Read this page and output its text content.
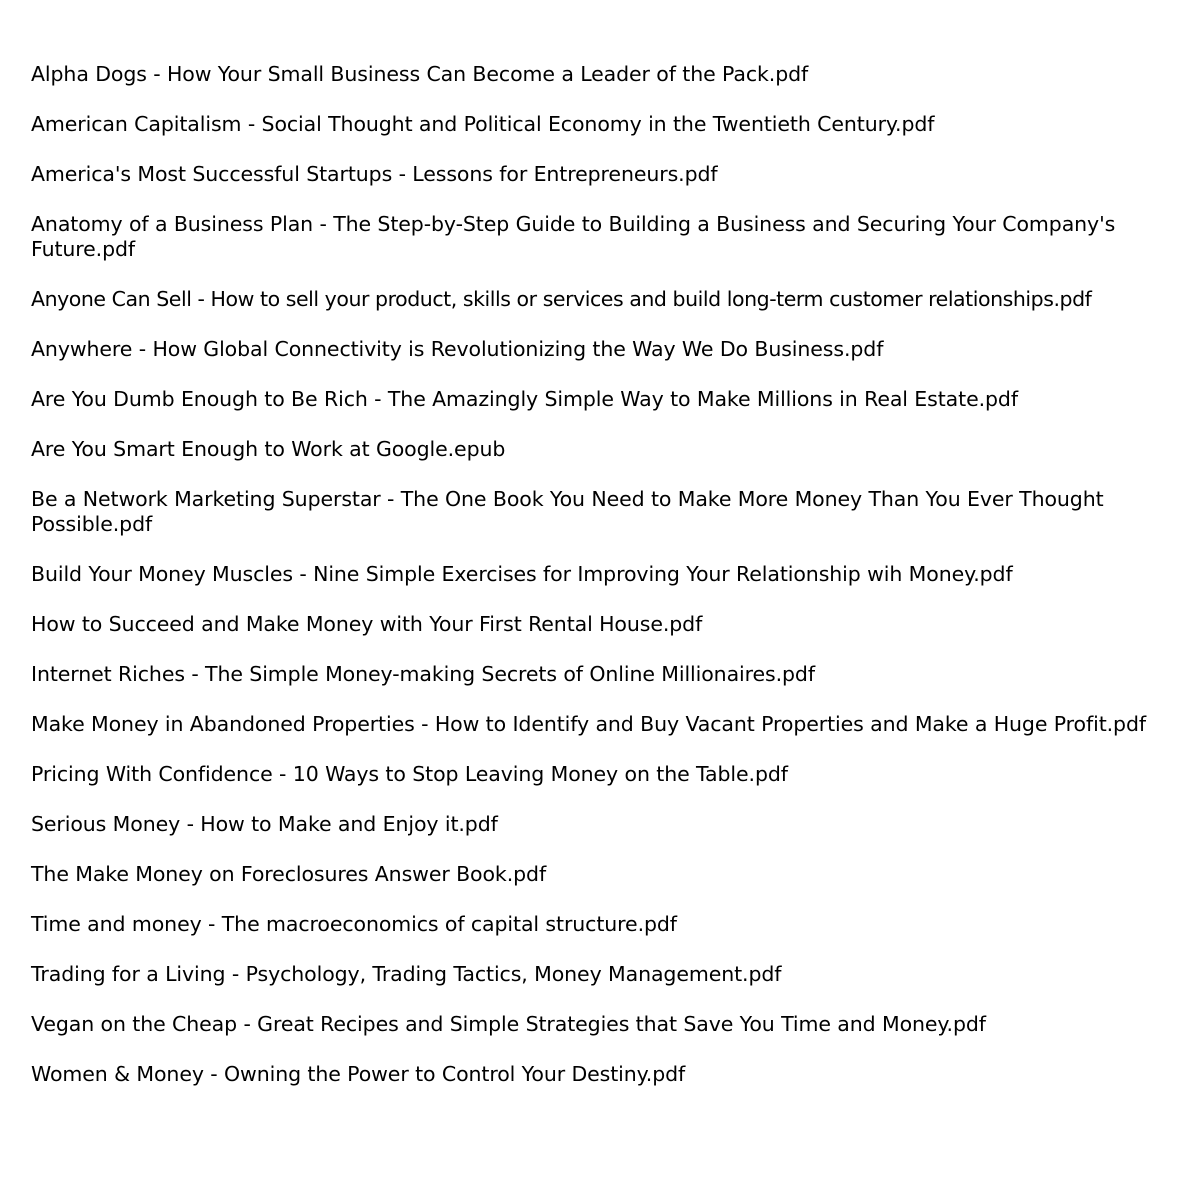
Alpha Dogs - How Your Small Business Can Become a Leader of the Pack.pdf
American Capitalism - Social Thought and Political Economy in the Twentieth Century.pdf
America's Most Successful Startups - Lessons for Entrepreneurs.pdf
Anatomy of a Business Plan - The Step-by-Step Guide to Building a Business and Securing Your Company's Future.pdf
Anyone Can Sell - How to sell your product, skills or services and build long-term customer relationships.pdf
Anywhere - How Global Connectivity is Revolutionizing the Way We Do Business.pdf
Are You Dumb Enough to Be Rich - The Amazingly Simple Way to Make Millions in Real Estate.pdf
Are You Smart Enough to Work at Google.epub
Be a Network Marketing Superstar - The One Book You Need to Make More Money Than You Ever Thought Possible.pdf
Build Your Money Muscles - Nine Simple Exercises for Improving Your Relationship wih Money.pdf
How to Succeed and Make Money with Your First Rental House.pdf
Internet Riches - The Simple Money-making Secrets of Online Millionaires.pdf
Make Money in Abandoned Properties - How to Identify and Buy Vacant Properties and Make a Huge Profit.pdf
Pricing With Confidence - 10 Ways to Stop Leaving Money on the Table.pdf
Serious Money - How to Make and Enjoy it.pdf
The Make Money on Foreclosures Answer Book.pdf
Time and money - The macroeconomics of capital structure.pdf
Trading for a Living - Psychology, Trading Tactics, Money Management.pdf
Vegan on the Cheap - Great Recipes and Simple Strategies that Save You Time and Money.pdf
Women & Money - Owning the Power to Control Your Destiny.pdf
